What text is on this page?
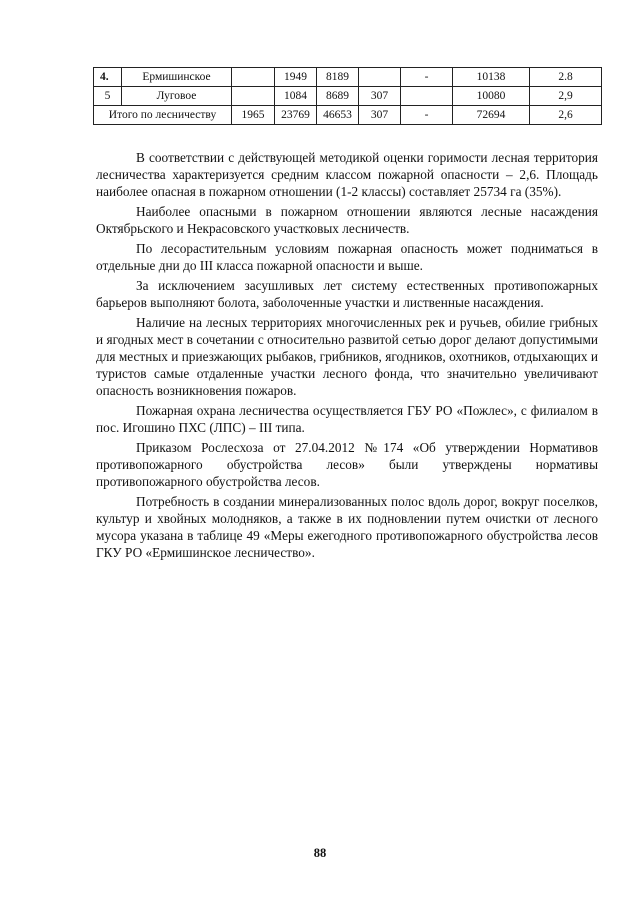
4.	Ермишинское		1949	8189		-	10138	2.8
5	Луговое		1084	8689	307		10080	2,9
Итого по лесничеству		1965	23769	46653	307	-	72694	2,6

В соответствии с действующей методикой оценки горимости лесная территория лесничества характеризуется средним классом пожарной опасности – 2,6. Площадь наиболее опасная в пожарном отношении (1-2 классы) составляет 25734 га (35%).

Наиболее опасными в пожарном отношении являются лесные насаждения Октябрьского и Некрасовского участковых лесничеств.

По лесорастительным условиям пожарная опасность может подниматься в отдельные дни до III класса пожарной опасности и выше.

За исключением засушливых лет систему естественных противопожарных барьеров выполняют болота, заболоченные участки и лиственные насаждения.

Наличие на лесных территориях многочисленных рек и ручьев, обилие грибных и ягодных мест в сочетании с относительно развитой сетью дорог делают допустимыми для местных и приезжающих рыбаков, грибников, ягодников, охотников, отдыхающих и туристов самые отдаленные участки лесного фонда, что значительно увеличивают опасность возникновения пожаров.

Пожарная охрана лесничества осуществляется ГБУ РО «Пожлес», с филиалом в пос. Игошино ПХС (ЛПС) – III типа.

Приказом Рослесхоза от 27.04.2012 №174 «Об утверждении Нормативов противопожарного обустройства лесов» были утверждены нормативы противопожарного обустройства лесов.

Потребность в создании минерализованных полос вдоль дорог, вокруг поселков, культур и хвойных молодняков, а также в их подновлении путем очистки от лесного мусора указана в таблице 49 «Меры ежегодного противопожарного обустройства лесов ГКУ РО «Ермишинское лесничество».

88
